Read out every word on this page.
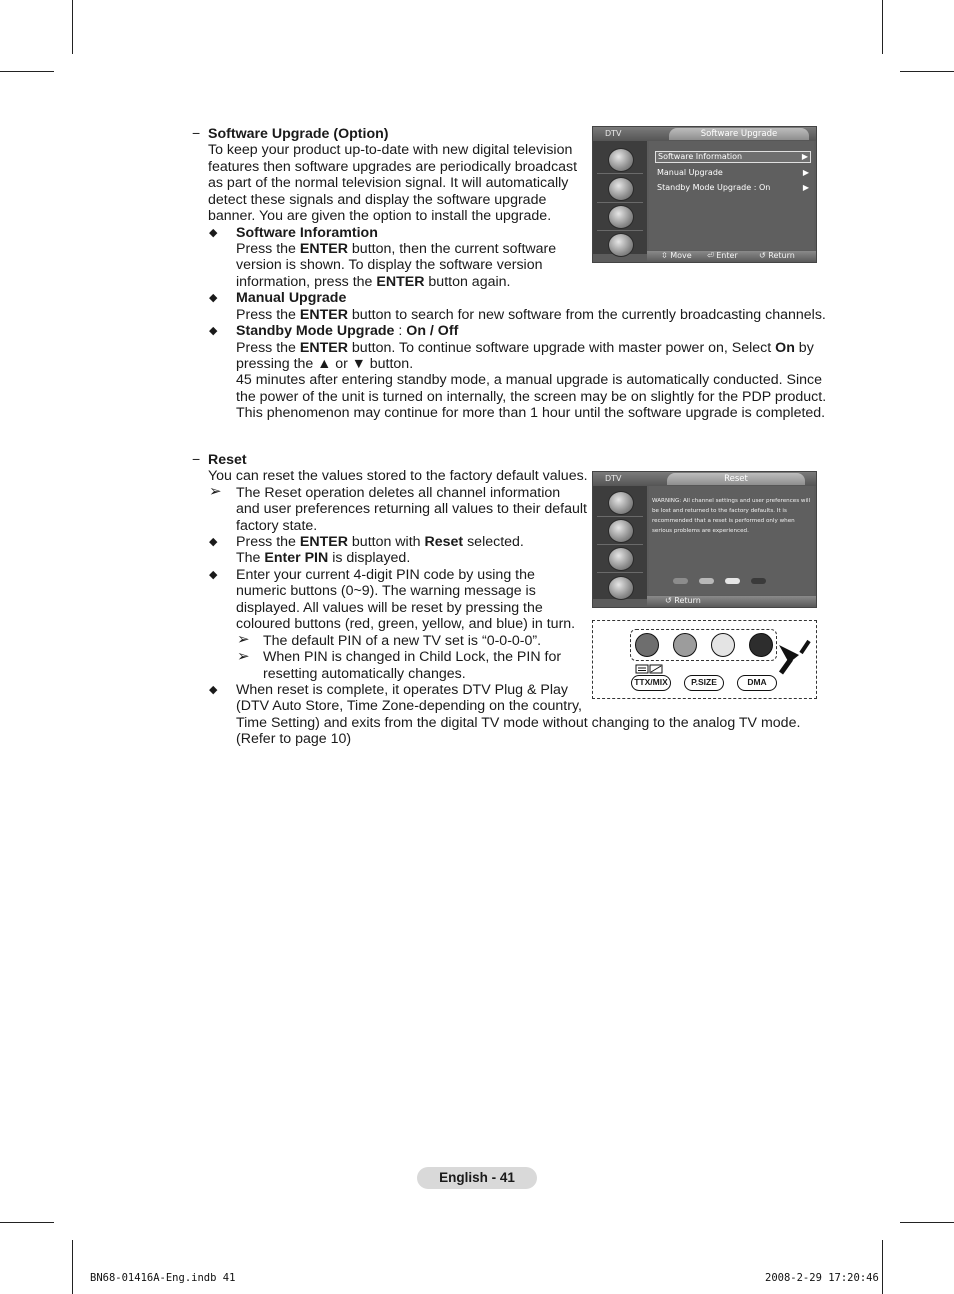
− Software Upgrade (Option)
To keep your product up-to-date with new digital television
features then software upgrades are periodically broadcast
as part of the normal television signal. It will automatically
detect these signals and display the software upgrade
banner. You are given the option to install the upgrade.
◆ Software Inforamtion
Press the ENTER button, then the current software
version is shown. To display the software version
information, press the ENTER button again.
◆ Manual Upgrade
Press the ENTER button to search for new software from the currently broadcasting channels.
◆ Standby Mode Upgrade : On / Off
Press the ENTER button. To continue software upgrade with master power on, Select On by
pressing the ▲ or ▼ button.
45 minutes after entering standby mode, a manual upgrade is automatically conducted. Since
the power of the unit is turned on internally, the screen may be on slightly for the PDP product.
This phenomenon may continue for more than 1 hour until the software upgrade is completed.
DTV	Software Upgrade
Software Information	▶
Manual Upgrade	▶
Standby Mode Upgrade : On	▶
⇳ Move ⏎ Enter	↺ Return
− Reset
You can reset the values stored to the factory default values.
➢ The Reset operation deletes all channel information
and user preferences returning all values to their default
factory state.
◆ Press the ENTER button with Reset selected.
The Enter PIN is displayed.
◆ Enter your current 4-digit PIN code by using the
numeric buttons (0~9). The warning message is
displayed. All values will be reset by pressing the
coloured buttons (red, green, yellow, and blue) in turn.
➢ The default PIN of a new TV set is “0-0-0-0”.
➢ When PIN is changed in Child Lock, the PIN for
resetting automatically changes.
◆ When reset is complete, it operates DTV Plug & Play
(DTV Auto Store, Time Zone-depending on the country,
Time Setting) and exits from the digital TV mode without changing to the analog TV mode.
(Refer to page 10)
DTV	Reset
WARNING: All channel settings and user preferences will be lost and returned to the factory defaults. It is recommended that a reset is performed only when serious problems are experienced.
↺ Return
TTX/MIX	P.SIZE	DMA
English - 41
BN68-01416A-Eng.indb 41	2008-2-29 17:20:46
